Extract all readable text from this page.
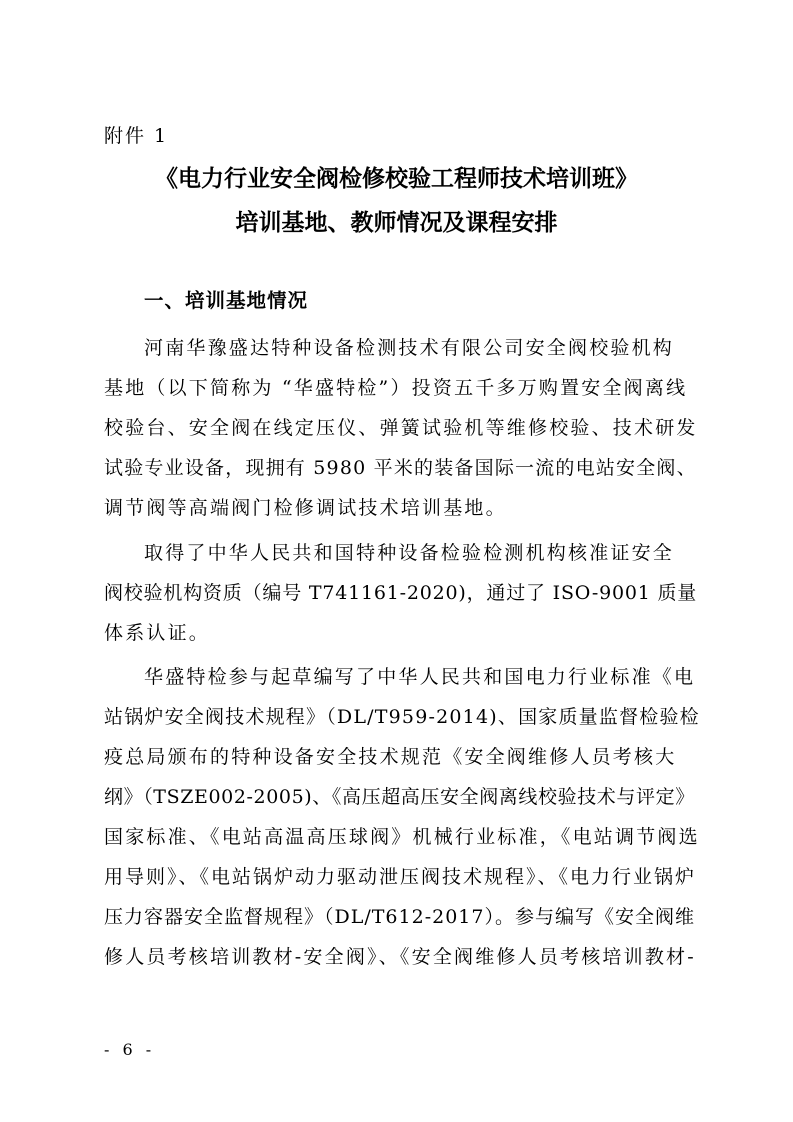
附件 1
《电力行业安全阀检修校验工程师技术培训班》
培训基地、教师情况及课程安排
一、培训基地情况
河南华豫盛达特种设备检测技术有限公司安全阀校验机构
基地（以下简称为 “华盛特检”）投资五千多万购置安全阀离线
校验台、安全阀在线定压仪、弹簧试验机等维修校验、技术研发
试验专业设备，现拥有 5980 平米的装备国际一流的电站安全阀、
调节阀等高端阀门检修调试技术培训基地。
取得了中华人民共和国特种设备检验检测机构核准证安全
阀校验机构资质（编号 T741161-2020)，通过了 ISO-9001 质量
体系认证。
华盛特检参与起草编写了中华人民共和国电力行业标准《电
站锅炉安全阀技术规程》（DL/T959-2014)、国家质量监督检验检
疫总局颁布的特种设备安全技术规范《安全阀维修人员考核大
纲》（TSZE002-2005)、《高压超高压安全阀离线校验技术与评定》
国家标准、《电站高温高压球阀》机械行业标准，《电站调节阀选
用导则》、《电站锅炉动力驱动泄压阀技术规程》、《电力行业锅炉
压力容器安全监督规程》（DL/T612-2017）。参与编写《安全阀维
修人员考核培训教材-安全阀》、《安全阀维修人员考核培训教材-
- 6 -
